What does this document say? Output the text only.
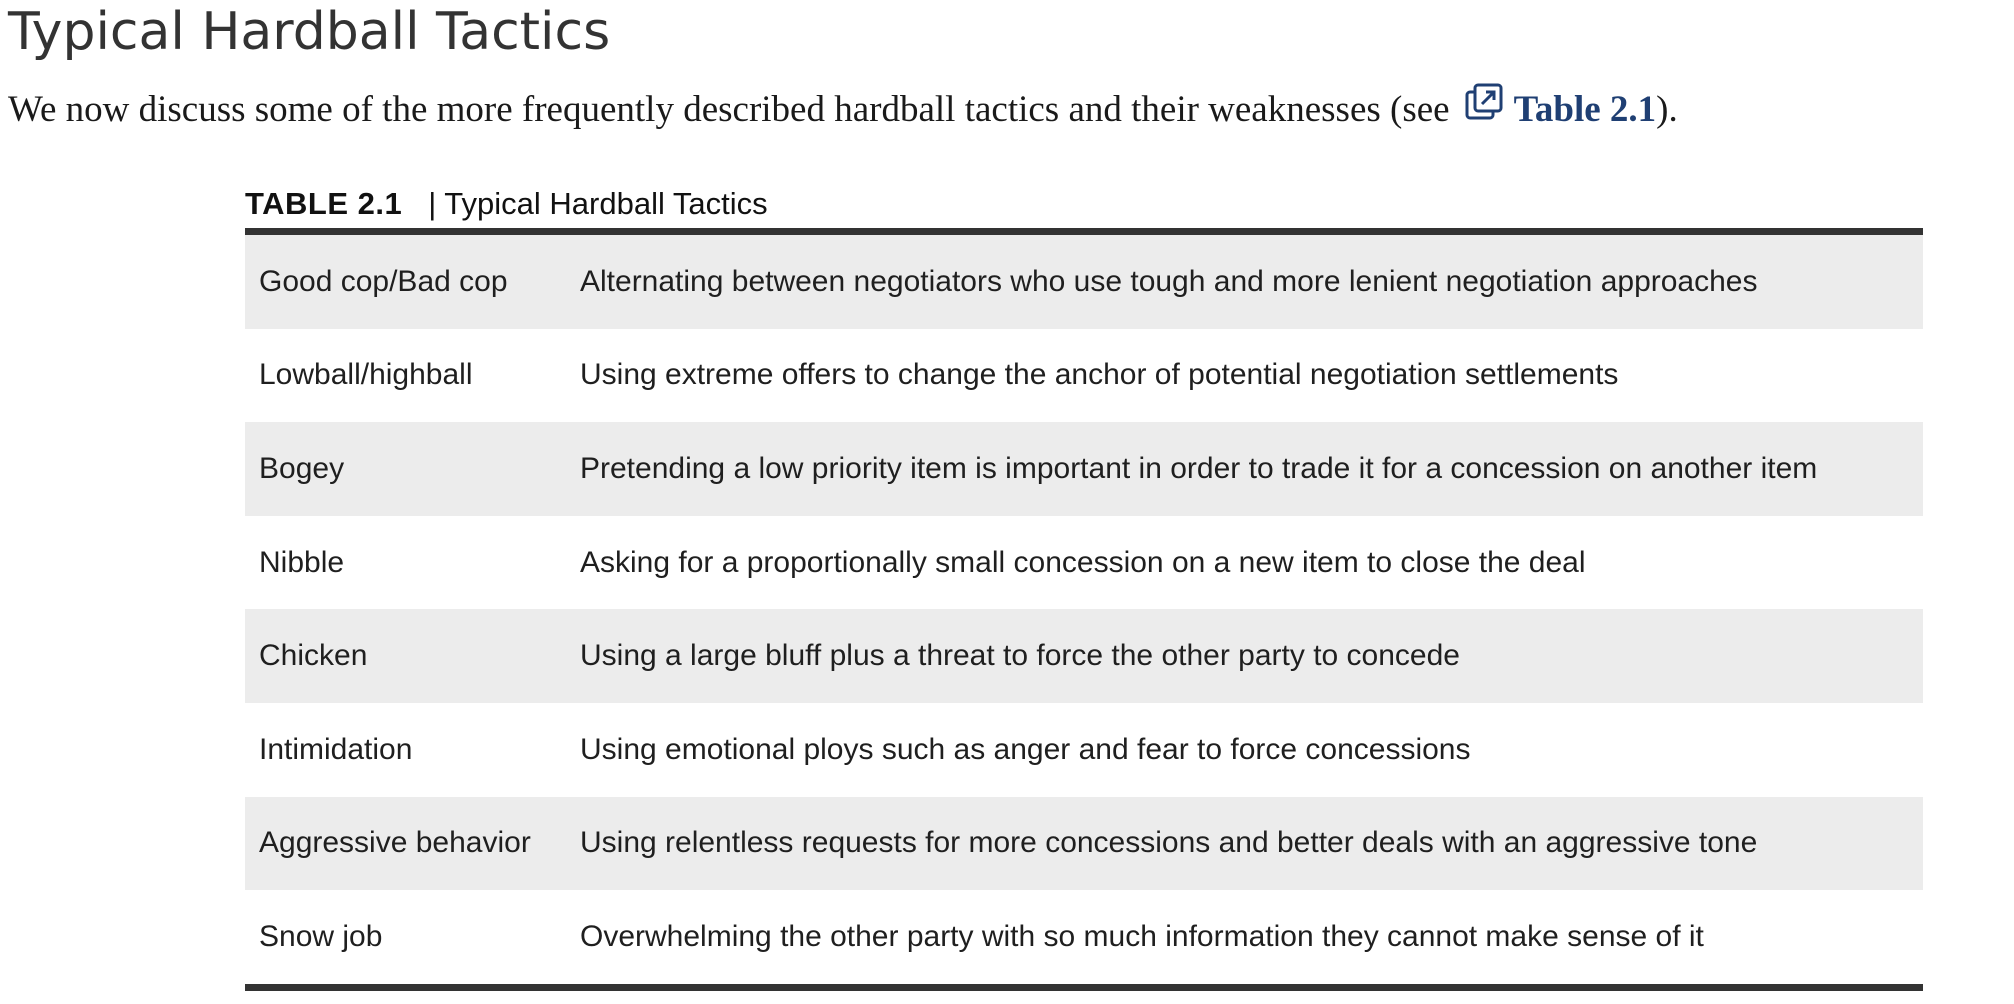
Typical Hardball Tactics

We now discuss some of the more frequently described hardball tactics and their weaknesses (see Table 2.1).

TABLE 2.1 | Typical Hardball Tactics
Good cop/Bad cop	Alternating between negotiators who use tough and more lenient negotiation approaches
Lowball/highball	Using extreme offers to change the anchor of potential negotiation settlements
Bogey	Pretending a low priority item is important in order to trade it for a concession on another item
Nibble	Asking for a proportionally small concession on a new item to close the deal
Chicken	Using a large bluff plus a threat to force the other party to concede
Intimidation	Using emotional ploys such as anger and fear to force concessions
Aggressive behavior	Using relentless requests for more concessions and better deals with an aggressive tone
Snow job	Overwhelming the other party with so much information they cannot make sense of it
